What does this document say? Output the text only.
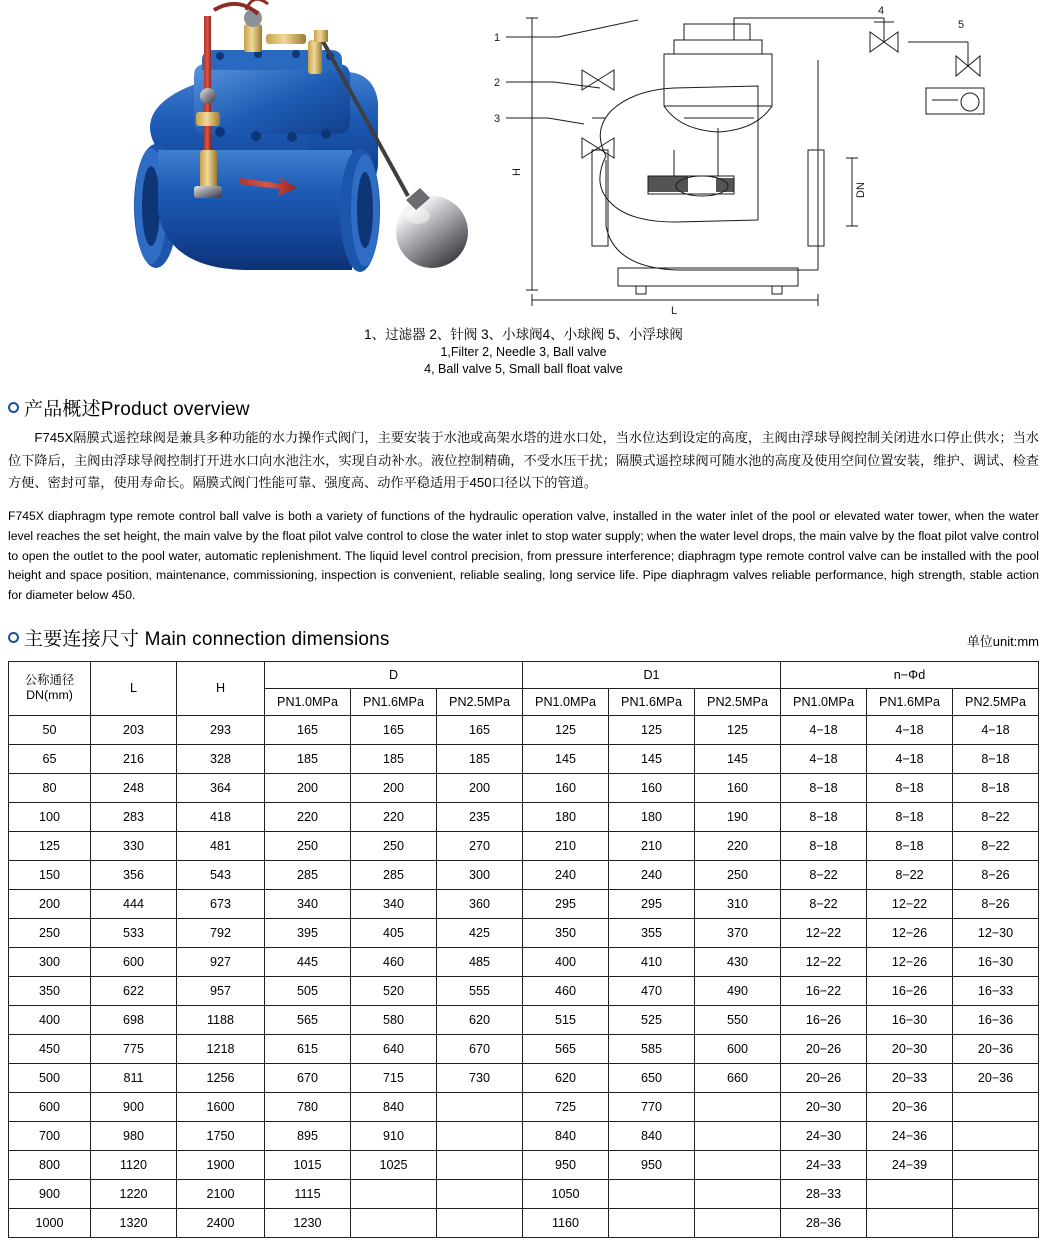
1
2
3
4
5
H
L
DN
1、过滤器 2、针阀 3、小球阀4、小球阀 5、小浮球阀
1,Filter 2, Needle 3, Ball valve
4, Ball valve 5, Small ball float valve
产品概述Product overview

F745X隔膜式遥控球阀是兼具多种功能的水力操作式阀门，主要安装于水池或高架水塔的进水口处，当水位达到设定的高度，主阀由浮球导阀控制关闭进水口停止供水；当水位下降后，主阀由浮球导阀控制打开进水口向水池注水，实现自动补水。液位控制精确，不受水压干扰；隔膜式遥控球阀可随水池的高度及使用空间位置安装，维护、调试、检查方便、密封可靠，使用寿命长。隔膜式阀门性能可靠、强度高、动作平稳适用于450口径以下的管道。

F745X diaphragm type remote control ball valve is both a variety of functions of the hydraulic operation valve, installed in the water inlet of the pool or elevated water tower, when the water level reaches the set height, the main valve by the float pilot valve control to close the water inlet to stop water supply; when the water level drops, the main valve by the float pilot valve control to open the outlet to the pool water, automatic replenishment. The liquid level control precision, from pressure interference; diaphragm type remote control valve can be installed with the pool height and space position, maintenance, commissioning, inspection is convenient, reliable sealing, long service life. Pipe diaphragm valves reliable performance, high strength, stable action for diameter below 450.

主要连接尺寸 Main connection dimensions	单位unit:mm
公称通径
DN(mm)	L	H	D			D1			n−Φd		
			PN1.0MPa	PN1.6MPa	PN2.5MPa	PN1.0MPa	PN1.6MPa	PN2.5MPa	PN1.0MPa	PN1.6MPa	PN2.5MPa
50	203	293	165	165	165	125	125	125	4−18	4−18	4−18
65	216	328	185	185	185	145	145	145	4−18	4−18	8−18
80	248	364	200	200	200	160	160	160	8−18	8−18	8−18
100	283	418	220	220	235	180	180	190	8−18	8−18	8−22
125	330	481	250	250	270	210	210	220	8−18	8−18	8−22
150	356	543	285	285	300	240	240	250	8−22	8−22	8−26
200	444	673	340	340	360	295	295	310	8−22	12−22	8−26
250	533	792	395	405	425	350	355	370	12−22	12−26	12−30
300	600	927	445	460	485	400	410	430	12−22	12−26	16−30
350	622	957	505	520	555	460	470	490	16−22	16−26	16−33
400	698	1188	565	580	620	515	525	550	16−26	16−30	16−36
450	775	1218	615	640	670	565	585	600	20−26	20−30	20−36
500	811	1256	670	715	730	620	650	660	20−26	20−33	20−36
600	900	1600	780	840		725	770		20−30	20−36	
700	980	1750	895	910		840	840		24−30	24−36	
800	1120	1900	1015	1025		950	950		24−33	24−39	
900	1220	2100	1115			1050			28−33		
1000	1320	2400	1230			1160			28−36		
